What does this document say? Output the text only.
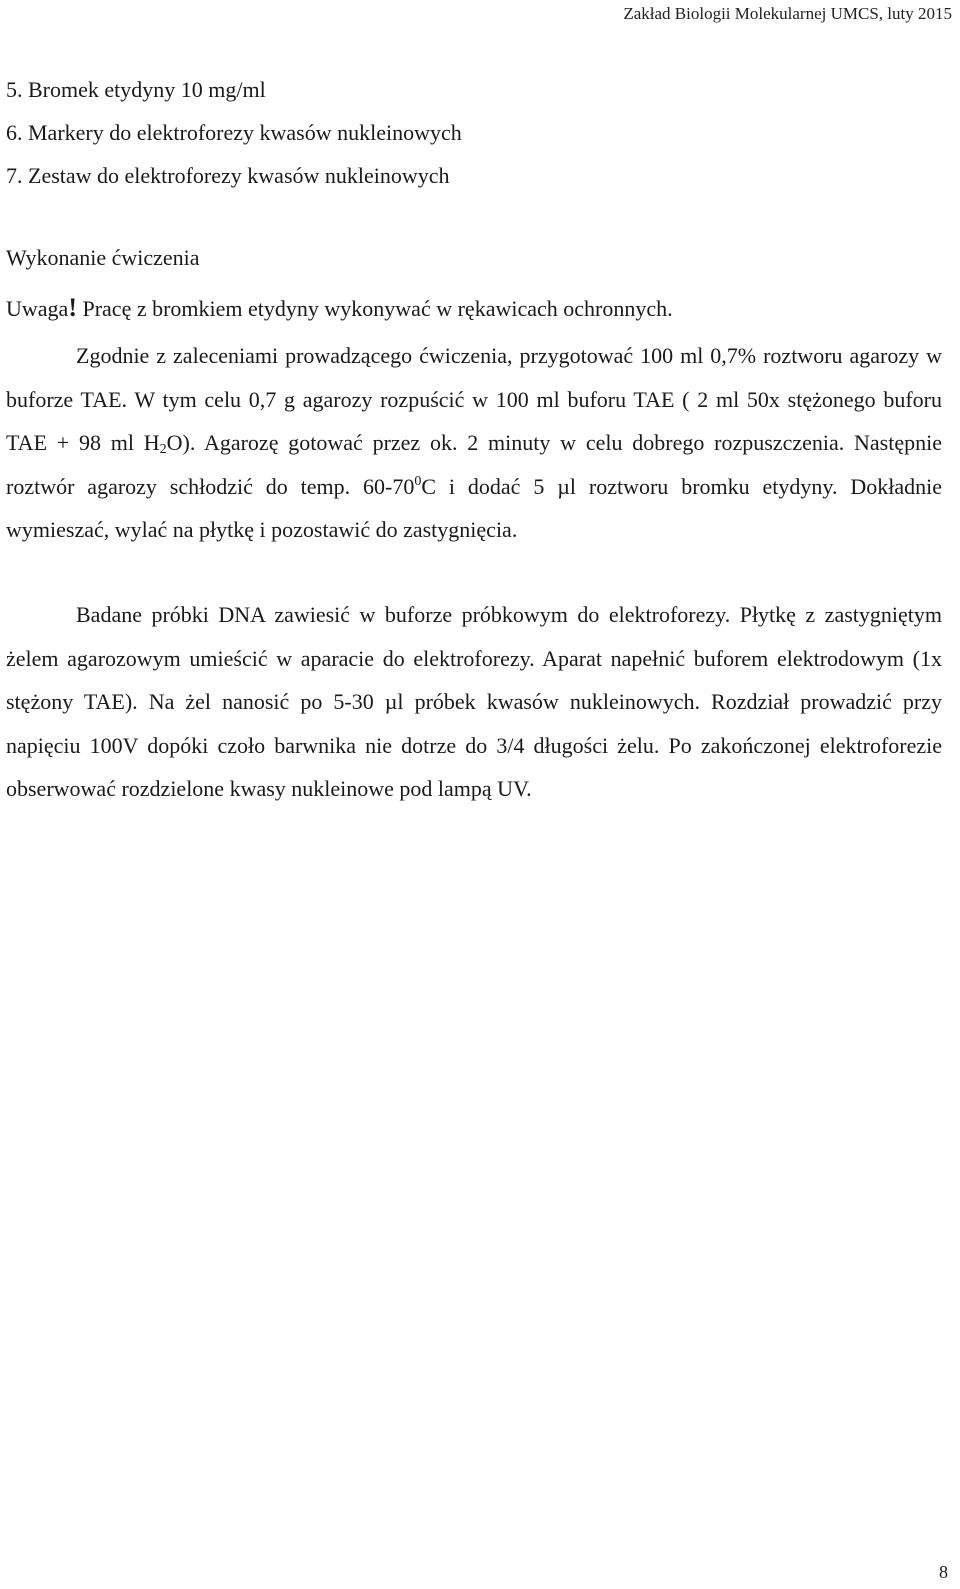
Zakład Biologii Molekularnej UMCS, luty 2015
5. Bromek etydyny 10 mg/ml
6. Markery do elektroforezy kwasów nukleinowych
7. Zestaw do elektroforezy kwasów nukleinowych
Wykonanie ćwiczenia
Uwaga! Pracę z bromkiem etydyny wykonywać w rękawicach ochronnych.
Zgodnie z zaleceniami prowadzącego ćwiczenia, przygotować 100 ml 0,7% roztworu agarozy w buforze TAE. W tym celu 0,7 g agarozy rozpuścić w 100 ml buforu TAE ( 2 ml 50x stężonego buforu TAE + 98 ml $H_2O$). Agarozę gotować przez ok. 2 minuty w celu dobrego rozpuszczenia. Następnie roztwór agarozy schłodzić do temp. $60-70^0C$ i dodać 5 µl roztworu bromku etydyny. Dokładnie wymieszać, wylać na płytkę i pozostawić do zastygnięcia.
Badane próbki DNA zawiesić w buforze próbkowym do elektroforezy. Płytkę z zastygniętym żelem agarozowym umieścić w aparacie do elektroforezy. Aparat napełnić buforem elektrodowym (1x stężony TAE). Na żel nanosić po 5-30 µl próbek kwasów nukleinowych. Rozdział prowadzić przy napięciu 100V dopóki czoło barwnika nie dotrze do 3/4 długości żelu. Po zakończonej elektroforezie obserwować rozdzielone kwasy nukleinowe pod lampą UV.
8
